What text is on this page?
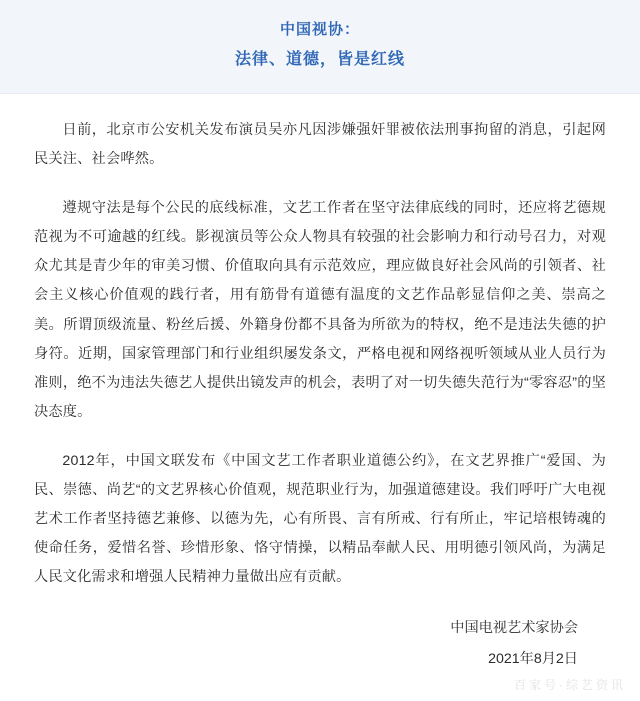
中国视协：
法律、道德，皆是红线

日前，北京市公安机关发布演员吴亦凡因涉嫌强奸罪被依法刑事拘留的消息，引起网民关注、社会哗然。

遵规守法是每个公民的底线标准，文艺工作者在坚守法律底线的同时，还应将艺德规范视为不可逾越的红线。影视演员等公众人物具有较强的社会影响力和行动号召力，对观众尤其是青少年的审美习惯、价值取向具有示范效应，理应做良好社会风尚的引领者、社会主义核心价值观的践行者，用有筋骨有道德有温度的文艺作品彰显信仰之美、崇高之美。所谓顶级流量、粉丝后援、外籍身份都不具备为所欲为的特权，绝不是违法失德的护身符。近期，国家管理部门和行业组织屡发条文，严格电视和网络视听领域从业人员行为准则，绝不为违法失德艺人提供出镜发声的机会，表明了对一切失德失范行为“零容忍”的坚决态度。

2012年，中国文联发布《中国文艺工作者职业道德公约》，在文艺界推广“爱国、为民、崇德、尚艺“的文艺界核心价值观，规范职业行为，加强道德建设。我们呼吁广大电视艺术工作者坚持德艺兼修、以德为先，心有所畏、言有所戒、行有所止，牢记培根铸魂的使命任务，爱惜名誉、珍惜形象、恪守情操，以精品奉献人民、用明德引领风尚，为满足人民文化需求和增强人民精神力量做出应有贡献。

中国电视艺术家协会
2021年8月2日
百家号·综艺资讯
